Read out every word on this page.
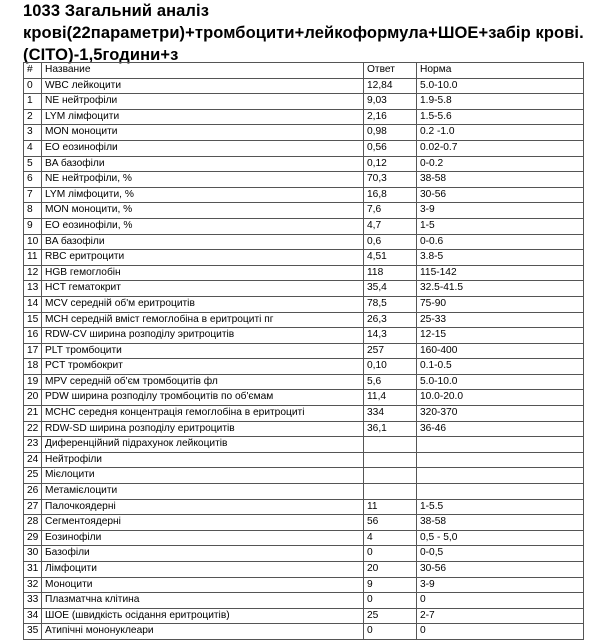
1033 Загальний аналіз
крові(22параметри)+тромбоцити+лейкоформула+ШОЕ+забір крові.
(CITO)-1,5години+з
#	Название	Ответ	Норма
0	WBC лейкоцити	12,84	5.0-10.0
1	NE нейтрофіли	9,03	1.9-5.8
2	LYM лімфоцити	2,16	1.5-5.6
3	MON моноцити	0,98	0.2 -1.0
4	EO еозинофіли	0,56	0.02-0.7
5	BA базофіли	0,12	0-0.2
6	NE нейтрофіли, %	70,3	38-58
7	LYM лімфоцити, %	16,8	30-56
8	MON моноцити, %	7,6	3-9
9	EO еозинофіли, %	4,7	1-5
10	BA базофіли	0,6	0-0.6
11	RBC еритроцити	4,51	3.8-5
12	HGB гемоглобін	118	115-142
13	HCT гематокрит	35,4	32.5-41.5
14	MCV середній об'м еритроцитів	78,5	75-90
15	MCH середній вміст гемоглобіна в еритроциті пг	26,3	25-33
16	RDW-CV ширина розподілу эритроцитів	14,3	12-15
17	PLT тромбоцити	257	160-400
18	PCT тромбокрит	0,10	0.1-0.5
19	MPV середній об'єм тромбоцитів фл	5,6	5.0-10.0
20	PDW ширина розподілу тромбоцитів по об'ємам	11,4	10.0-20.0
21	MCHC середня концентрація гемоглобіна в еритроциті	334	320-370
22	RDW-SD ширина розподілу еритроцитів	36,1	36-46
23	Диференційний підрахунок лейкоцитів		
24	Нейтрофіли		
25	Мієлоцити		
26	Метамієлоцити		
27	Палочкоядерні	11	1-5.5
28	Сегментоядерні	56	38-58
29	Еозинофіли	4	0,5 - 5,0
30	Базофіли	0	0-0,5
31	Лімфоцити	20	30-56
32	Моноцити	9	3-9
33	Плазматчна клітина	0	0
34	ШОЕ (швидкість осідання еритроцитів)	25	2-7
35	Атипічні мононуклеари	0	0
